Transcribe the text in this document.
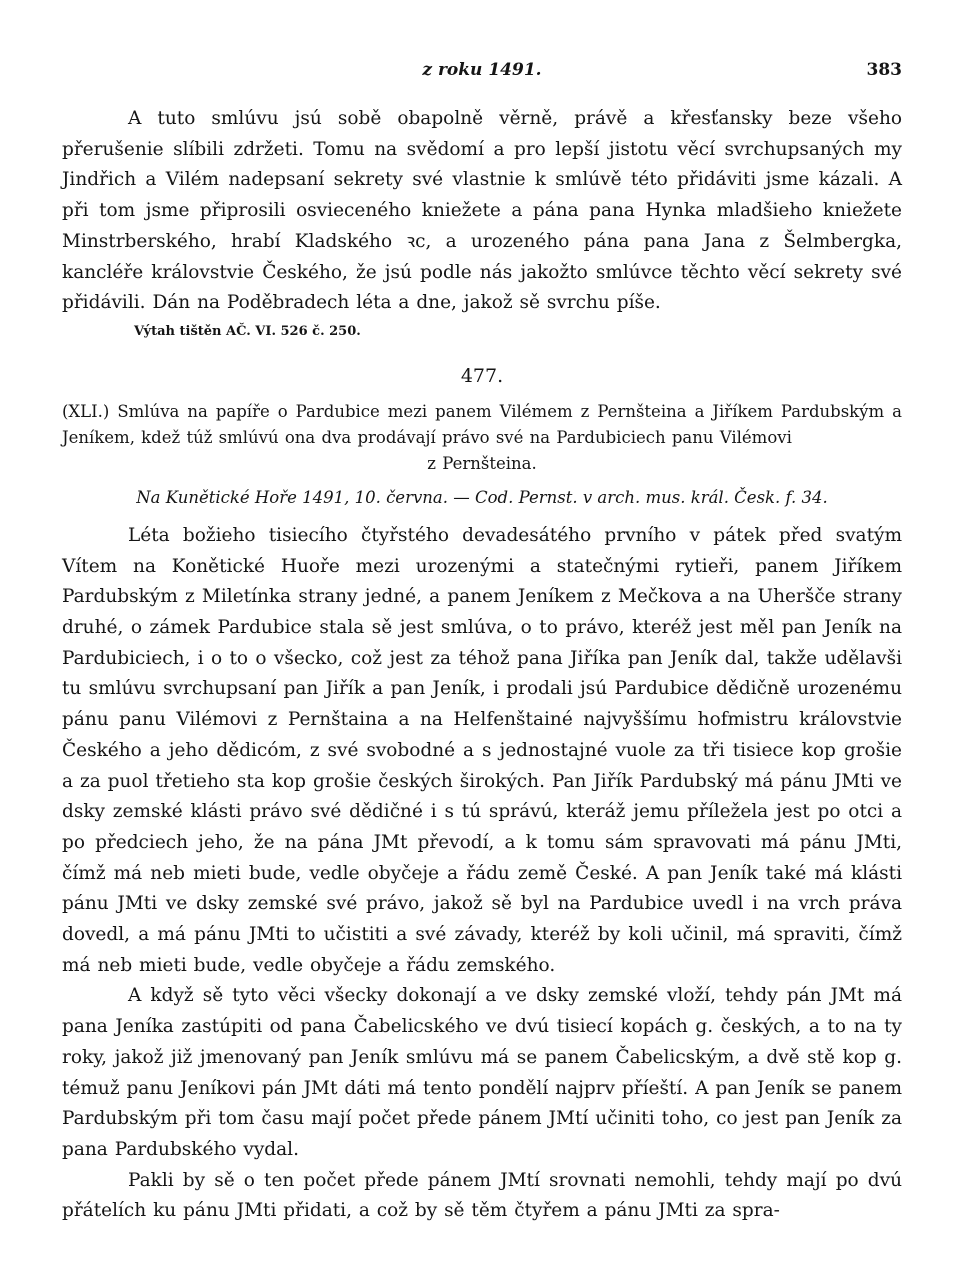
z roku 1491.	383

A tuto smlúvu jsú sobě obapolně věrně, právě a křesťansky beze všeho přerušenie slíbili zdržeti. Tomu na svědomí a pro lepší jistotu věcí svrchupsaných my Jindřich a Vilém nadepsaní sekrety své vlastnie k smlúvě této přidáviti jsme kázali. A při tom jsme připrosili osvieceného kniežete a pána pana Hynka mladšieho kniežete Minstrberského, hrabí Kladského ꝛc, a urozeného pána pana Jana z Šelmbergka, kancléře královstvie Českého, že jsú podle nás jakožto smlúvce těchto věcí sekrety své přidávili. Dán na Poděbradech léta a dne, jakož sě svrchu píše.

Výtah tištěn AČ. VI. 526 č. 250.
477.
(XLI.) Smlúva na papíře o Pardubice mezi panem Vilémem z Pernšteina a Jiříkem Pardubským a Jeníkem, kdež túž smlúvú ona dva prodávají právo své na Pardubiciech panu Vilémovi
z Pernšteina.
Na Kunětické Hoře 1491, 10. června. — Cod. Pernst. v arch. mus. král. Česk. f. 34.

Léta božieho tisiecího čtyřstého devadesátého prvního v pátek před svatým Vítem na Konětické Huoře mezi urozenými a statečnými rytieři, panem Jiříkem Pardubským z Miletínka strany jedné, a panem Jeníkem z Mečkova a na Uheršče strany druhé, o zámek Pardubice stala sě jest smlúva, o to právo, kteréž jest měl pan Jeník na Pardubiciech, i o to o všecko, což jest za téhož pana Jiříka pan Jeník dal, takže udělavši tu smlúvu svrchupsaní pan Jiřík a pan Jeník, i prodali jsú Pardubice dědičně urozenému pánu panu Vilémovi z Pernštaina a na Helfenštainé najvyššímu hofmistru královstvie Českého a jeho dědicóm, z své svobodné a s jednostajné vuole za tři tisiece kop grošie a za puol třetieho sta kop grošie českých širokých. Pan Jiřík Pardubský má pánu JMti ve dsky zemské klásti právo své dědičné i s tú správú, kteráž jemu příležela jest po otci a po předciech jeho, že na pána JMt převodí, a k tomu sám spravovati má pánu JMti, čímž má neb mieti bude, vedle obyčeje a řádu země České. A pan Jeník také má klásti pánu JMti ve dsky zemské své právo, jakož sě byl na Pardubice uvedl i na vrch práva dovedl, a má pánu JMti to učistiti a své závady, kteréž by koli učinil, má spraviti, čímž má neb mieti bude, vedle obyčeje a řádu zemského.

A když sě tyto věci všecky dokonají a ve dsky zemské vloží, tehdy pán JMt má pana Jeníka zastúpiti od pana Čabelicského ve dvú tisiecí kopách g. českých, a to na ty roky, jakož již jmenovaný pan Jeník smlúvu má se panem Čabelicským, a dvě stě kop g. témuž panu Jeníkovi pán JMt dáti má tento pondělí najprv příeští. A pan Jeník se panem Pardubským při tom času mají počet přede pánem JMtí učiniti toho, co jest pan Jeník za pana Pardubského vydal.

Pakli by sě o ten počet přede pánem JMtí srovnati nemohli, tehdy mají po dvú přátelích ku pánu JMti přidati, a což by sě těm čtyřem a pánu JMti za spra-
